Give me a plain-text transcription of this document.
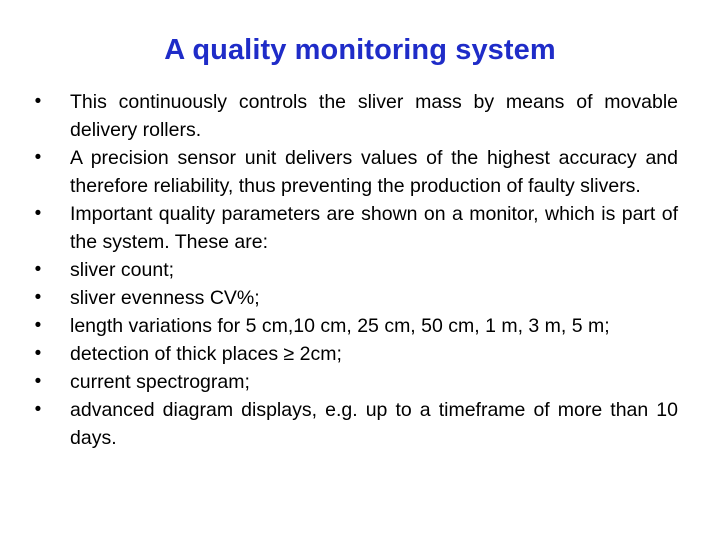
A quality monitoring system
• This continuously controls the sliver mass by means of movable delivery rollers.
• A precision sensor unit delivers values of the highest accuracy and therefore reliability, thus preventing the production of faulty slivers.
• Important quality parameters are shown on a monitor, which is part of the system. These are:
• sliver count;
• sliver evenness CV%;
• length variations for 5 cm,10 cm, 25 cm, 50 cm, 1 m, 3 m, 5 m;
• detection of thick places ≥ 2cm;
• current spectrogram;
• advanced diagram displays, e.g. up to a timeframe of more than 10 days.
